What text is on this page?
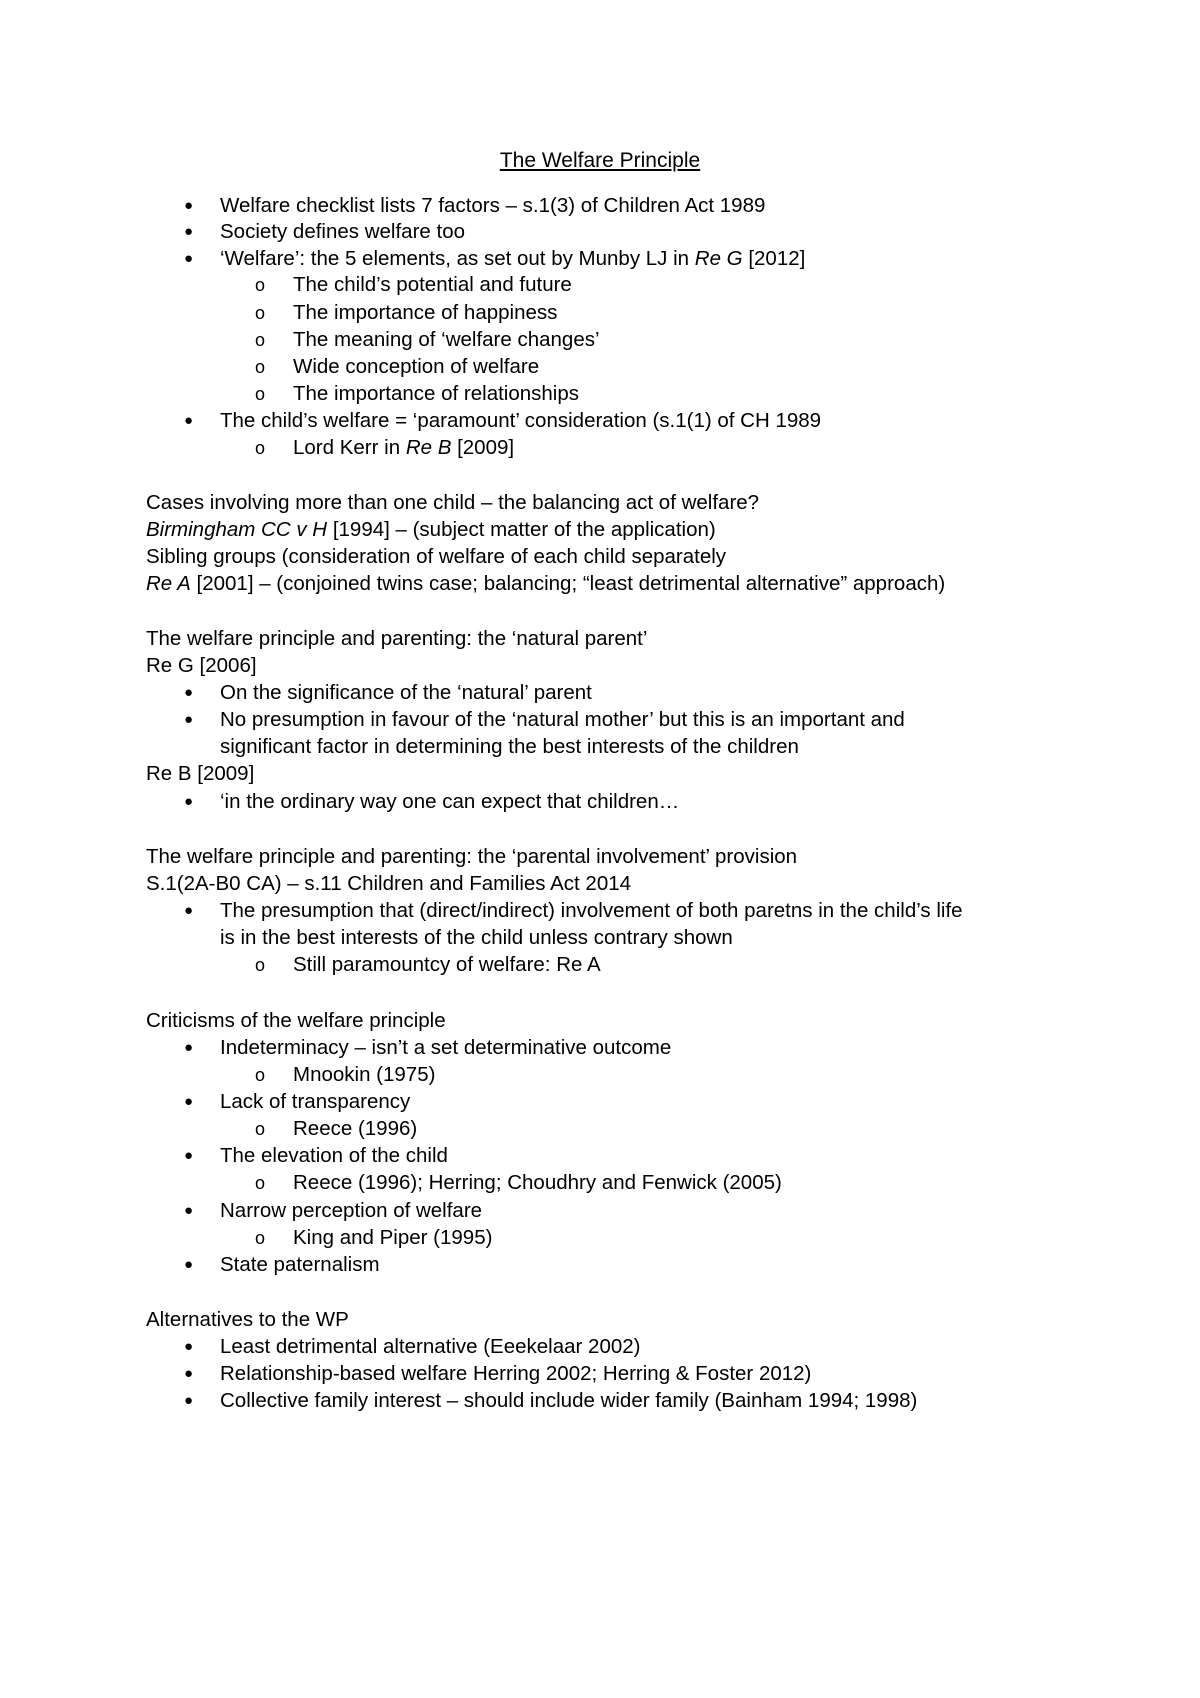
The Welfare Principle
● Welfare checklist lists 7 factors – s.1(3) of Children Act 1989
● Society defines welfare too
● ‘Welfare’: the 5 elements, as set out by Munby LJ in Re G [2012]
o The child’s potential and future
o The importance of happiness
o The meaning of ‘welfare changes’
o Wide conception of welfare
o The importance of relationships
● The child’s welfare = ‘paramount’ consideration (s.1(1) of CH 1989
o Lord Kerr in Re B [2009]
Cases involving more than one child – the balancing act of welfare?
Birmingham CC v H [1994] – (subject matter of the application)
Sibling groups (consideration of welfare of each child separately
Re A [2001] – (conjoined twins case; balancing; “least detrimental alternative” approach)
The welfare principle and parenting: the ‘natural parent’
Re G [2006]
● On the significance of the ‘natural’ parent
● No presumption in favour of the ‘natural mother’ but this is an important and
significant factor in determining the best interests of the children
Re B [2009]
● ‘in the ordinary way one can expect that children…
The welfare principle and parenting: the ‘parental involvement’ provision
S.1(2A-B0 CA) – s.11 Children and Families Act 2014
● The presumption that (direct/indirect) involvement of both paretns in the child’s life
is in the best interests of the child unless contrary shown
o Still paramountcy of welfare: Re A
Criticisms of the welfare principle
● Indeterminacy – isn’t a set determinative outcome
o Mnookin (1975)
● Lack of transparency
o Reece (1996)
● The elevation of the child
o Reece (1996); Herring; Choudhry and Fenwick (2005)
● Narrow perception of welfare
o King and Piper (1995)
● State paternalism
Alternatives to the WP
● Least detrimental alternative (Eeekelaar 2002)
● Relationship-based welfare Herring 2002; Herring & Foster 2012)
● Collective family interest – should include wider family (Bainham 1994; 1998)
